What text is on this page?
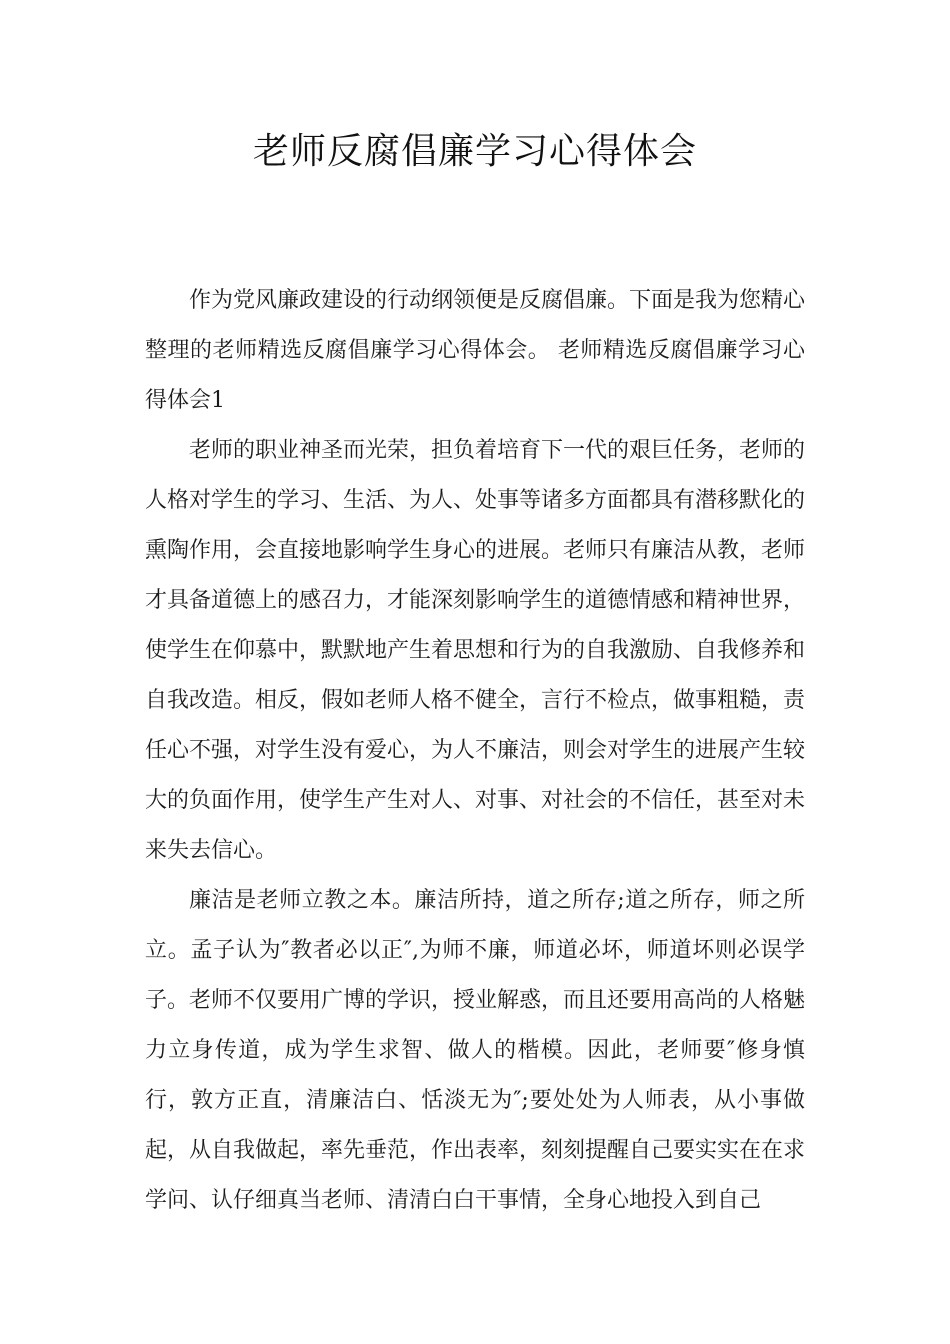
老师反腐倡廉学习心得体会

作为党风廉政建设的行动纲领便是反腐倡廉。下面是我为您精心整理的老师精选反腐倡廉学习心得体会。 老师精选反腐倡廉学习心得体会1

老师的职业神圣而光荣，担负着培育下一代的艰巨任务，老师的人格对学生的学习、生活、为人、处事等诸多方面都具有潜移默化的熏陶作用，会直接地影响学生身心的进展。老师只有廉洁从教，老师才具备道德上的感召力，才能深刻影响学生的道德情感和精神世界，使学生在仰慕中，默默地产生着思想和行为的自我激励、自我修养和自我改造。相反，假如老师人格不健全，言行不检点，做事粗糙，责任心不强，对学生没有爱心，为人不廉洁，则会对学生的进展产生较大的负面作用，使学生产生对人、对事、对社会的不信任，甚至对未来失去信心。

廉洁是老师立教之本。廉洁所持，道之所存;道之所存，师之所立。孟子认为″教者必以正″,为师不廉，师道必坏，师道坏则必误学子。老师不仅要用广博的学识，授业解惑，而且还要用高尚的人格魅力立身传道，成为学生求智、做人的楷模。因此，老师要″修身慎行，敦方正直，清廉洁白、恬淡无为″;要处处为人师表，从小事做起，从自我做起，率先垂范，作出表率，刻刻提醒自己要实实在在求学问、认仔细真当老师、清清白白干事情，全身心地投入到自己
